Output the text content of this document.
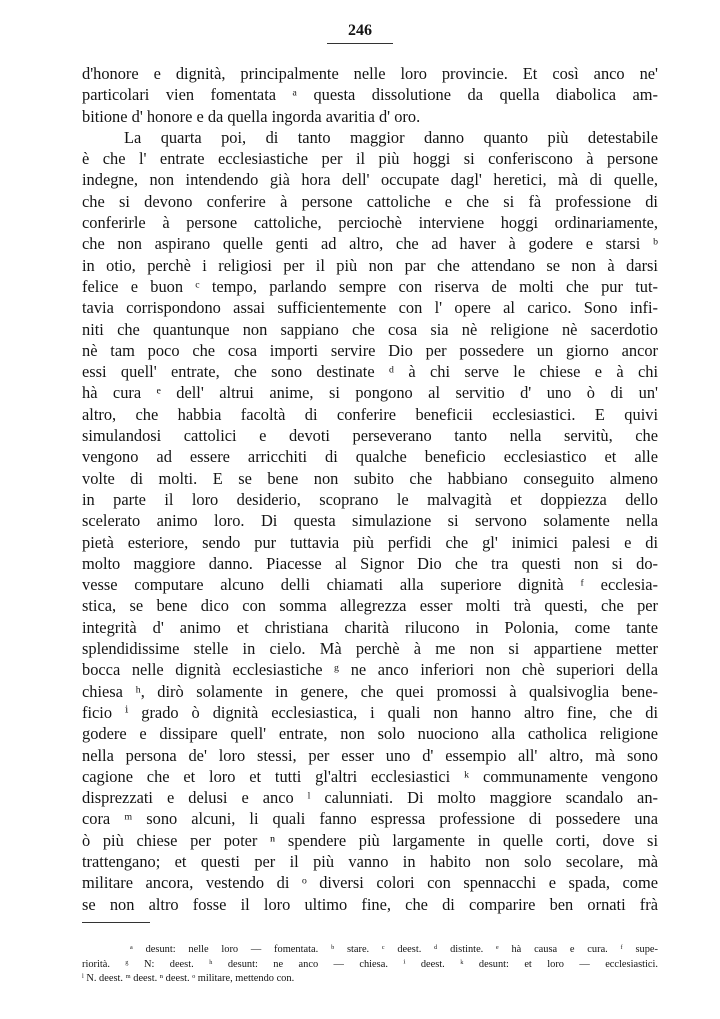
246
d'honore e dignità, principalmente nelle loro provincie. Et così anco ne'
particolari vien fomentata ᵃ questa dissolutione da quella diabolica am-
bitione d' honore e da quella ingorda avaritia d' oro.
La quarta poi, di tanto maggior danno quanto più detestabile
è che l' entrate ecclesiastiche per il più hoggi si conferiscono à persone
indegne, non intendendo già hora dell' occupate dagl' heretici, mà di quelle,
che si devono conferire à persone cattoliche e che si fà professione di
conferirle à persone cattoliche, perciochè interviene hoggi ordinariamente,
che non aspirano quelle genti ad altro, che ad haver à godere e starsi ᵇ
in otio, perchè i religiosi per il più non par che attendano se non à darsi
felice e buon ᶜ tempo, parlando sempre con riserva de molti che pur tut-
tavia corrispondono assai sufficientemente con l' opere al carico. Sono infi-
niti che quantunque non sappiano che cosa sia nè religione nè sacerdotio
nè tam poco che cosa importi servire Dio per possedere un giorno ancor
essi quell' entrate, che sono destinate ᵈ à chi serve le chiese e à chi
hà cura ᵉ dell' altrui anime, si pongono al servitio d' uno ò di un'
altro, che habbia facoltà di conferire beneficii ecclesiastici. E quivi
simulandosi cattolici e devoti perseverano tanto nella servitù, che
vengono ad essere arricchiti di qualche beneficio ecclesiastico et alle
volte di molti. E se bene non subito che habbiano conseguito almeno
in parte il loro desiderio, scoprano le malvagità et doppiezza dello
scelerato animo loro. Di questa simulazione si servono solamente nella
pietà esteriore, sendo pur tuttavia più perfidi che gl' inimici palesi e di
molto maggiore danno. Piacesse al Signor Dio che tra questi non si do-
vesse computare alcuno delli chiamati alla superiore dignità ᶠ ecclesia-
stica, se bene dico con somma allegrezza esser molti trà questi, che per
integrità d' animo et christiana charità rilucono in Polonia, come tante
splendidissime stelle in cielo. Mà perchè à me non si appartiene metter
bocca nelle dignità ecclesiastiche ᵍ ne anco inferiori non chè superiori della
chiesa ʰ, dirò solamente in genere, che quei promossi à qualsivoglia bene-
ficio ⁱ grado ò dignità ecclesiastica, i quali non hanno altro fine, che di
godere e dissipare quell' entrate, non solo nuociono alla catholica religione
nella persona de' loro stessi, per esser uno d' essempio all' altro, mà sono
cagione che et loro et tutti gl'altri ecclesiastici ᵏ communamente vengono
disprezzati e delusi e anco ˡ calunniati. Di molto maggiore scandalo an-
cora ᵐ sono alcuni, li quali fanno espressa professione di possedere una
ò più chiese per poter ⁿ spendere più largamente in quelle corti, dove si
trattengano; et questi per il più vanno in habito non solo secolare, mà
militare ancora, vestendo di ᵒ diversi colori con spennacchi e spada, come
se non altro fosse il loro ultimo fine, che di comparire ben ornati frà
ᵃ desunt: nelle loro — fomentata. ᵇ stare. ᶜ deest. ᵈ distinte. ᵉ hà causa e cura. ᶠ supe-
riorità. ᵍ N: deest. ʰ desunt: ne anco — chiesa. ⁱ deest. ᵏ desunt: et loro — ecclesiastici.
ˡ N. deest. ᵐ deest. ⁿ deest. ᵒ militare, mettendo con.
